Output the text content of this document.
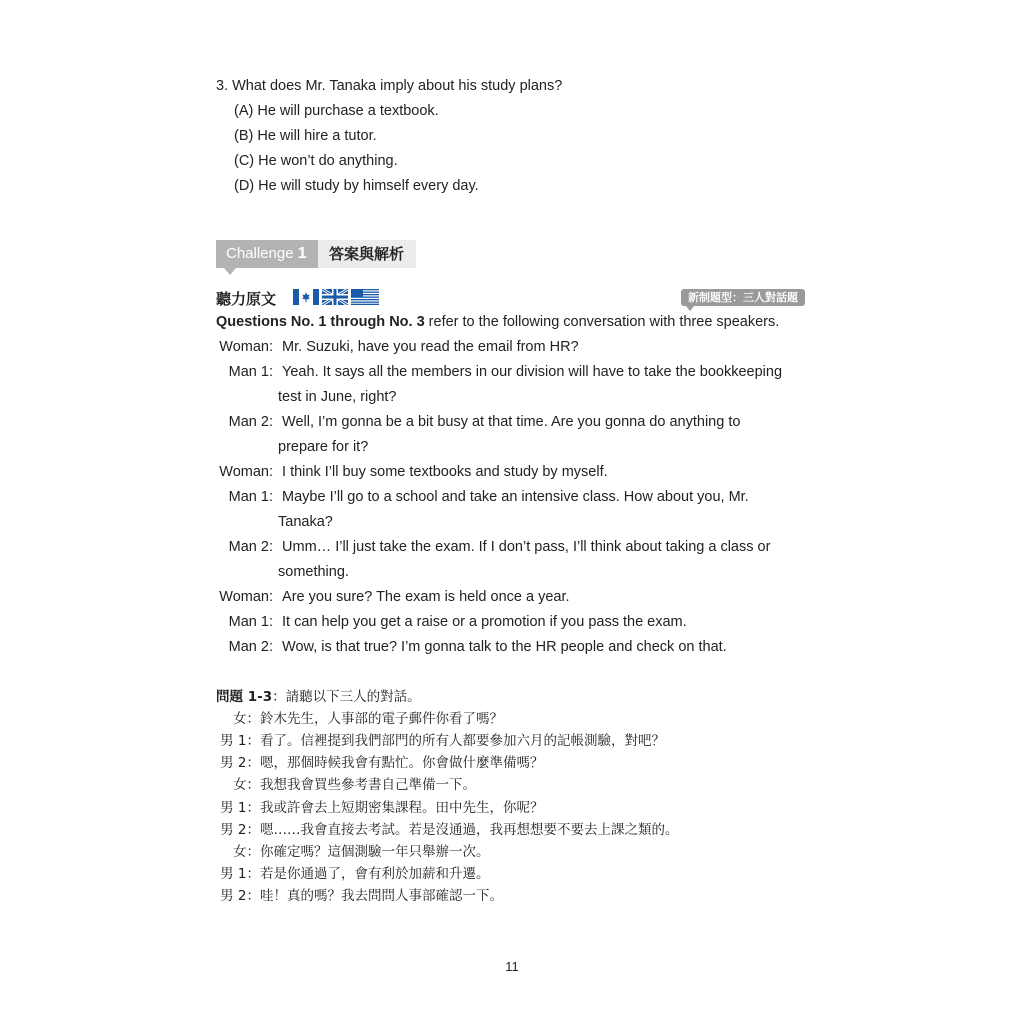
3. What does Mr. Tanaka imply about his study plans?
(A) He will purchase a textbook.
(B) He will hire a tutor.
(C) He won’t do anything.
(D) He will study by himself every day.
Challenge 1	答案與解析
聽力原文	新制題型：三人對話題
Questions No. 1 through No. 3 refer to the following conversation with three speakers.
Woman: Mr. Suzuki, have you read the email from HR?
Man 1: Yeah. It says all the members in our division will have to take the bookkeeping
test in June, right?
Man 2: Well, I’m gonna be a bit busy at that time. Are you gonna do anything to
prepare for it?
Woman: I think I’ll buy some textbooks and study by myself.
Man 1: Maybe I’ll go to a school and take an intensive class. How about you, Mr.
Tanaka?
Man 2: Umm… I’ll just take the exam. If I don’t pass, I’ll think about taking a class or
something.
Woman: Are you sure? The exam is held once a year.
Man 1: It can help you get a raise or a promotion if you pass the exam.
Man 2: Wow, is that true? I’m gonna talk to the HR people and check on that.
問題 1-3：請聽以下三人的對話。
女：鈴木先生，人事部的電子郵件你看了嗎？
男 1：看了。信裡提到我們部門的所有人都要參加六月的記帳測驗，對吧？
男 2：嗯，那個時候我會有點忙。你會做什麼準備嗎？
女：我想我會買些參考書自己準備一下。
男 1：我或許會去上短期密集課程。田中先生，你呢？
男 2：嗯……我會直接去考試。若是沒通過，我再想想要不要去上課之類的。
女：你確定嗎？這個測驗一年只舉辦一次。
男 1：若是你通過了，會有利於加薪和升遷。
男 2：哇！真的嗎？我去問問人事部確認一下。
11
